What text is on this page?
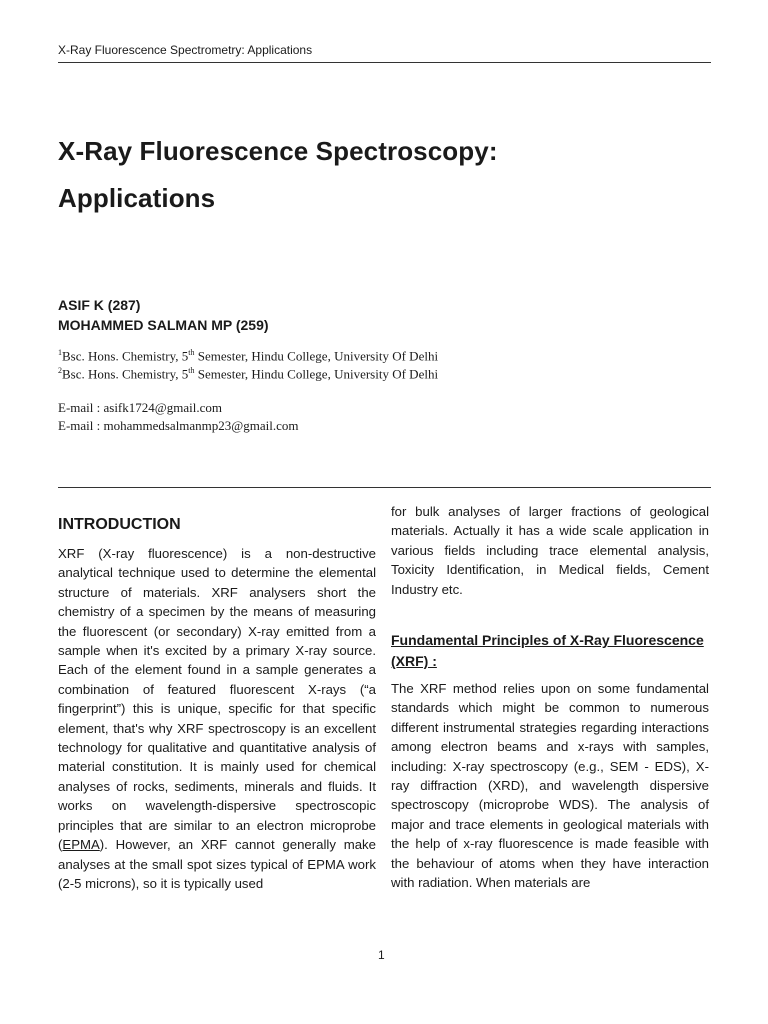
X-Ray Fluorescence Spectrometry: Applications
X-Ray Fluorescence Spectroscopy:
Applications
ASIF K (287)
MOHAMMED SALMAN MP (259)
$^1$Bsc. Hons. Chemistry, 5th Semester, Hindu College, University Of Delhi
$^2$Bsc. Hons. Chemistry, 5th Semester, Hindu College, University Of Delhi
E-mail : asifk1724@gmail.com
E-mail : mohammedsalmanmp23@gmail.com
INTRODUCTION
XRF (X-ray fluorescence) is a non-destructive analytical technique used to determine the elemental structure of materials. XRF analysers short the chemistry of a specimen by the means of measuring the fluorescent (or secondary) X-ray emitted from a sample when it's excited by a primary X-ray source. Each of the element found in a sample generates a combination of featured fluorescent X-rays (“a fingerprint”) this is unique, specific for that specific element, that's why XRF spectroscopy is an excellent technology for qualitative and quantitative analysis of material constitution. It is mainly used for chemical analyses of rocks, sediments, minerals and fluids. It works on wavelength-dispersive spectroscopic principles that are similar to an electron microprobe (EPMA). However, an XRF cannot generally make analyses at the small spot sizes typical of EPMA work (2-5 microns), so it is typically used
for bulk analyses of larger fractions of geological materials. Actually it has a wide scale application in various fields including trace elemental analysis, Toxicity Identification, in Medical fields, Cement Industry etc.
Fundamental Principles of X-Ray Fluorescence (XRF) :
The XRF method relies upon on some fundamental standards which might be common to numerous different instrumental strategies regarding interactions among electron beams and x-rays with samples, including: X-ray spectroscopy (e.g., SEM - EDS), X-ray diffraction (XRD), and wavelength dispersive spectroscopy (microprobe WDS). The analysis of major and trace elements in geological materials with the help of x-ray fluorescence is made feasible with the behaviour of atoms when they have interaction with radiation. When materials are
1
